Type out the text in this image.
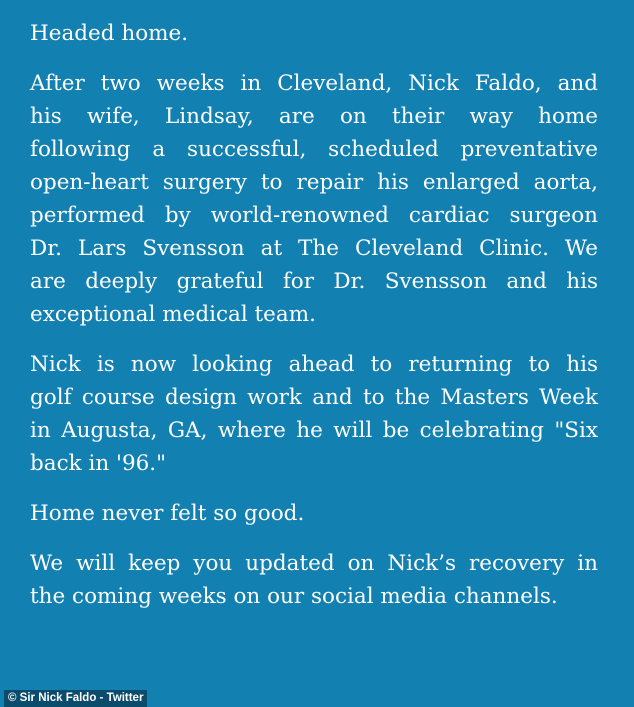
Headed home.
After two weeks in Cleveland, Nick Faldo, and
his wife, Lindsay, are on their way home
following a successful, scheduled preventative
open-heart surgery to repair his enlarged aorta,
performed by world-renowned cardiac surgeon
Dr. Lars Svensson at The Cleveland Clinic. We
are deeply grateful for Dr. Svensson and his
exceptional medical team.
Nick is now looking ahead to returning to his
golf course design work and to the Masters Week
in Augusta, GA, where he will be celebrating "Six
back in '96."
Home never felt so good.
We will keep you updated on Nick’s recovery in
the coming weeks on our social media channels.
© Sir Nick Faldo - Twitter
